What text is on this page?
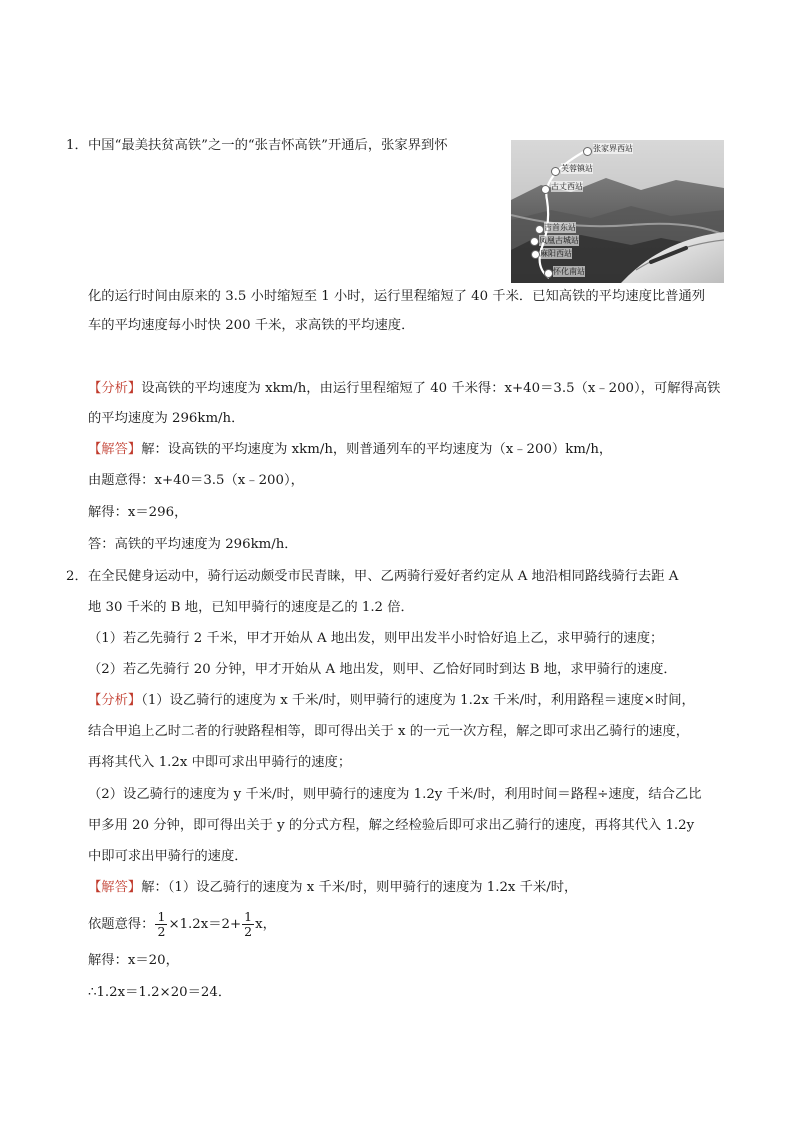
1． 中国“最美扶贫高铁”之一的“张吉怀高铁”开通后，张家界到怀	张家界西站
芙蓉镇站
古丈西站
吉首东站
凤凰古城站
麻阳西站
怀化南站
化的运行时间由原来的 3.5 小时缩短至 1 小时，运行里程缩短了 40 千米．已知高铁的平均速度比普通列
车的平均速度每小时快 200 千米，求高铁的平均速度．
【分析】设高铁的平均速度为 xkm/h，由运行里程缩短了 40 千米得：x+40＝3.5（x﹣200），可解得高铁
的平均速度为 296km/h．
【解答】解：设高铁的平均速度为 xkm/h，则普通列车的平均速度为（x﹣200）km/h，
由题意得：x+40＝3.5（x﹣200），
解得：x＝296，
答：高铁的平均速度为 296km/h．
2． 在全民健身运动中，骑行运动颇受市民青睐，甲、乙两骑行爱好者约定从 A 地沿相同路线骑行去距 A
地 30 千米的 B 地，已知甲骑行的速度是乙的 1.2 倍．
（1）若乙先骑行 2 千米，甲才开始从 A 地出发，则甲出发半小时恰好追上乙，求甲骑行的速度；
（2）若乙先骑行 20 分钟，甲才开始从 A 地出发，则甲、乙恰好同时到达 B 地，求甲骑行的速度．
【分析】（1）设乙骑行的速度为 x 千米/时，则甲骑行的速度为 1.2x 千米/时，利用路程＝速度×时间，
结合甲追上乙时二者的行驶路程相等，即可得出关于 x 的一元一次方程，解之即可求出乙骑行的速度，
再将其代入 1.2x 中即可求出甲骑行的速度；
（2）设乙骑行的速度为 y 千米/时，则甲骑行的速度为 1.2y 千米/时，利用时间＝路程÷速度，结合乙比
甲多用 20 分钟，即可得出关于 y 的分式方程，解之经检验后即可求出乙骑行的速度，再将其代入 1.2y
中即可求出甲骑行的速度．
【解答】解：（1）设乙骑行的速度为 x 千米/时，则甲骑行的速度为 1.2x 千米/时，
依题意得： $\frac{1}{2} \times 1.2x=2+ \frac{1}{2}$ x，
解得：x＝20，
∴1.2x＝1.2×20＝24．
